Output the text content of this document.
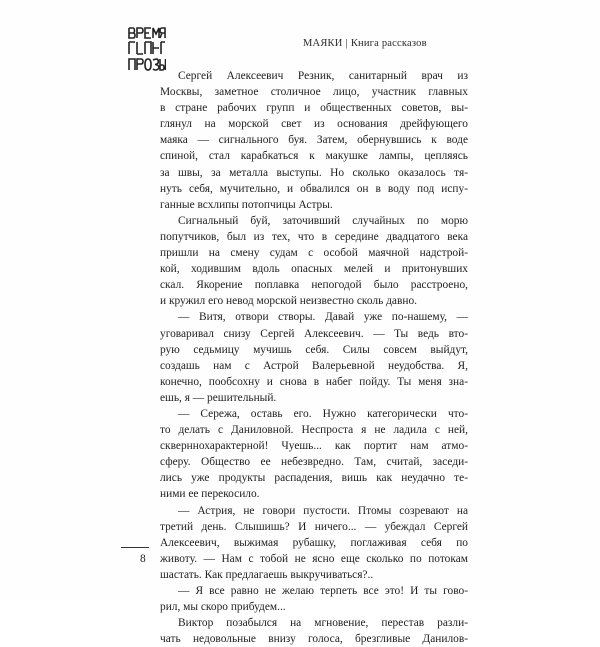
МАЯКИ | Книга рассказов
Сергей Алексеевич Резник, санитарный врач из
Москвы, заметное столичное лицо, участник главных
в стране рабочих групп и общественных советов, вы-
глянул на морской свет из основания дрейфующего
маяка — сигнального буя. Затем, обернувшись к воде
спиной, стал карабкаться к макушке лампы, цепляясь
за швы, за металла выступы. Но сколько оказалось тя-
нуть себя, мучительно, и обвалился он в воду под испу-
ганные всхлипы потопчицы Астры.
Сигнальный буй, заточивший случайных по морю
попутчиков, был из тех, что в середине двадцатого века
пришли на смену судам с особой маячной надстрой-
кой, ходившим вдоль опасных мелей и притонувших
скал. Якорение поплавка непогодой было расстроено,
и кружил его невод морской неизвестно сколь давно.
— Витя, отвори створы. Давай уже по-нашему, —
уговаривал снизу Сергей Алексеевич. — Ты ведь вто-
рую седьмицу мучишь себя. Силы совсем выйдут,
создашь нам с Астрой Валерьевной неудобства. Я,
конечно, пообсохну и снова в набег пойду. Ты меня зна-
ешь, я — решительный.
— Сережа, оставь его. Нужно категорически что-
то делать с Даниловной. Неспроста я не ладила с ней,
скверннохарактерной! Чуешь... как портит нам атмо-
сферу. Общество ее небезвредно. Там, считай, заседи-
лись уже продукты распадения, вишь как неудачно те-
ними ее перекосило.
— Астрия, не говори пустости. Птомы созревают на
третий день. Слышишь? И ничего... — убеждал Сергей
Алексеевич, выжимая рубашку, поглаживая себя по
животу. — Нам с тобой не ясно еще сколько по потокам
шастать. Как предлагаешь выкручиваться?..
— Я все равно не желаю терпеть все это! И ты гово-
рил, мы скоро прибудем...
Виктор позабылся на мгновение, перестав разли-
чать недовольные внизу голоса, брезгливые Данилов-
8
